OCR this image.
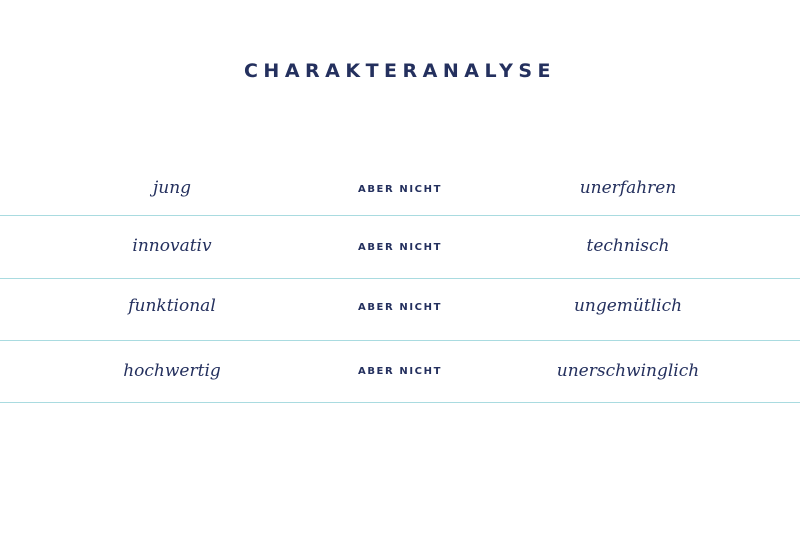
CHARAKTERANALYSE
jung	ABER NICHT	unerfahren
innovativ	ABER NICHT	technisch
funktional	ABER NICHT	ungemütlich
hochwertig	ABER NICHT	unerschwinglich
